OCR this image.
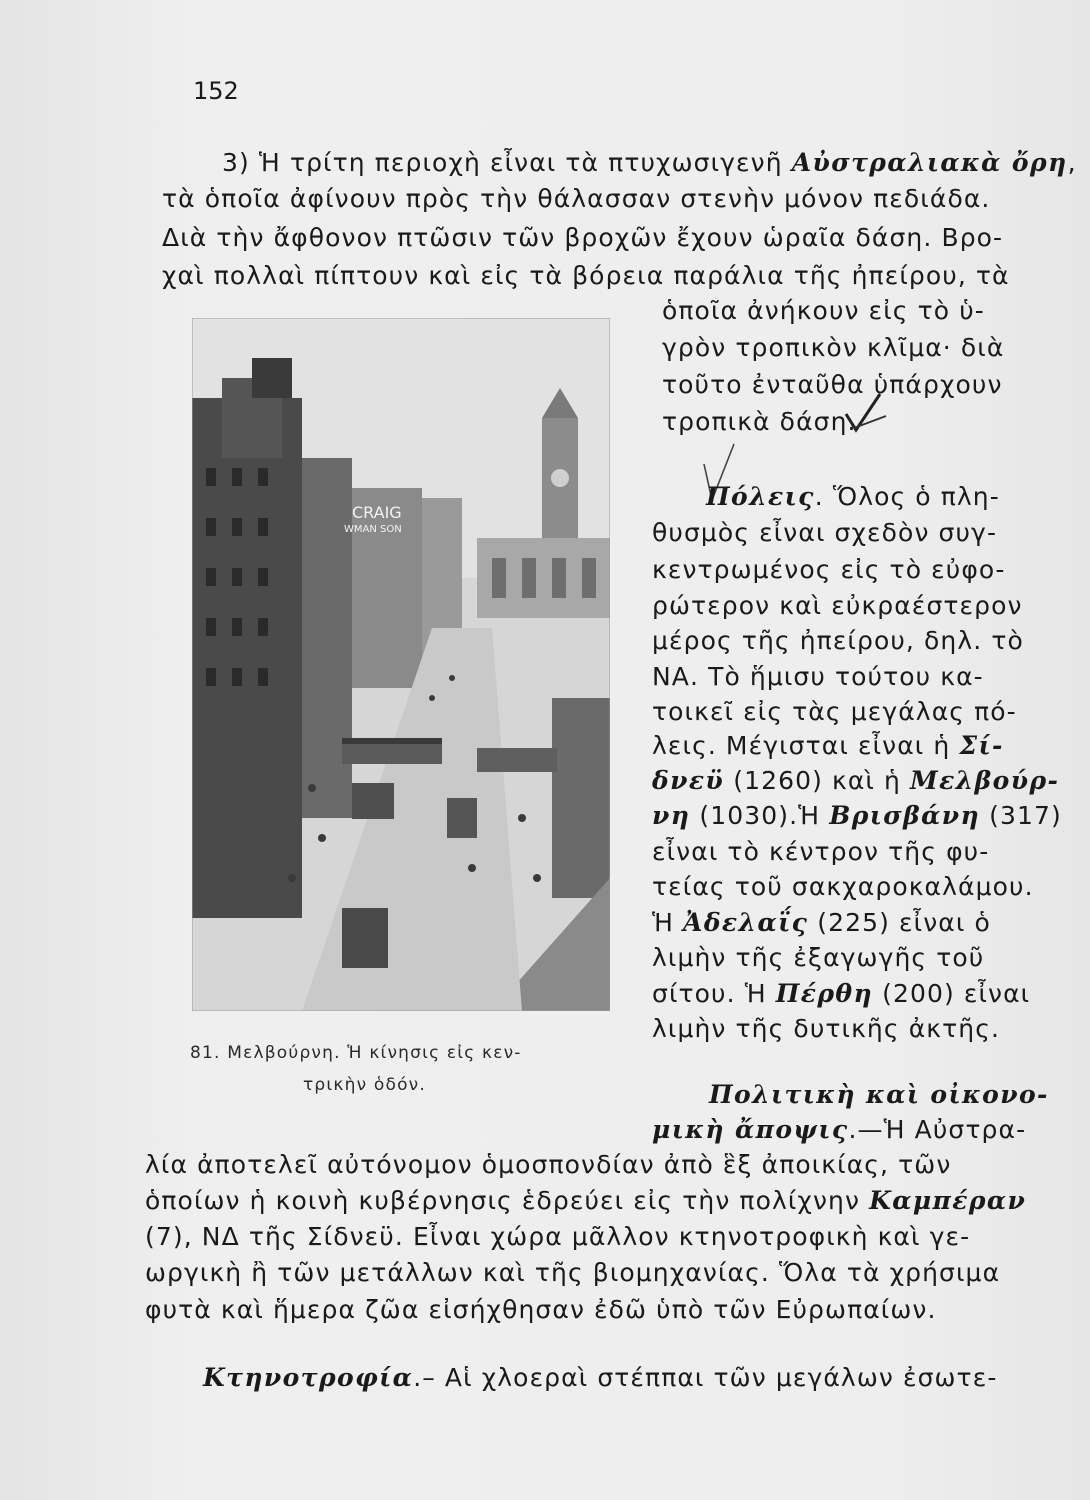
152
3) Ἡ τρίτη περιοχὴ εἶναι τὰ πτυχωσιγενῆ Αὐστραλιακὰ ὄρη,
τὰ ὁποῖα ἀφίνουν πρὸς τὴν θάλασσαν στενὴν μόνον πεδιάδα.
Διὰ τὴν ἄφθονον πτῶσιν τῶν βροχῶν ἔχουν ὡραῖα δάση. Βρο-
χαὶ πολλαὶ πίπτουν καὶ εἰς τὰ βόρεια παράλια τῆς ἠπείρου, τὰ
ὁποῖα ἀνήκουν εἰς τὸ ὑ-
γρὸν τροπικὸν κλῖμα· διὰ
τοῦτο ἐνταῦθα ὑπάρχουν
τροπικὰ δάση.
CRAIG
WMAN SON
81. Μελβούρνη. Ἡ κίνησις εἰς κεν-
τρικὴν ὁδόν.
Πόλεις. Ὅλος ὁ πλη-
θυσμὸς εἶναι σχεδὸν συγ-
κεντρωμένος εἰς τὸ εὐφο-
ρώτερον καὶ εὐκραέστερον
μέρος τῆς ἠπείρου, δηλ. τὸ
ΝΑ. Τὸ ἥμισυ τούτου κα-
τοικεῖ εἰς τὰς μεγάλας πό-
λεις. Μέγισται εἶναι ἡ Σί-
δνεϋ (1260) καὶ ἡ Μελβούρ-
νη (1030).Ἡ Βρισβάνη (317)
εἶναι τὸ κέντρον τῆς φυ-
τείας τοῦ σακχαροκαλάμου.
Ἡ Ἀδελαΐς (225) εἶναι ὁ
λιμὴν τῆς ἐξαγωγῆς τοῦ
σίτου. Ἡ Πέρθη (200) εἶναι
λιμὴν τῆς δυτικῆς ἀκτῆς.
Πολιτικὴ καὶ οἰκονο-
μικὴ ἄποψις.—Ἡ Αὐστρα-
λία ἀποτελεῖ αὐτόνομον ὁμοσπονδίαν ἀπὸ ἓξ ἀποικίας, τῶν
ὁποίων ἡ κοινὴ κυβέρνησις ἑδρεύει εἰς τὴν πολίχνην Καμπέραν
(7), ΝΔ τῆς Σίδνεϋ. Εἶναι χώρα μᾶλλον κτηνοτροφικὴ καὶ γε-
ωργικὴ ἢ τῶν μετάλλων καὶ τῆς βιομηχανίας. Ὅλα τὰ χρήσιμα
φυτὰ καὶ ἥμερα ζῶα εἰσήχθησαν ἐδῶ ὑπὸ τῶν Εὐρωπαίων.
Κτηνοτροφία.– Αἱ χλοεραὶ στέππαι τῶν μεγάλων ἐσωτε-
